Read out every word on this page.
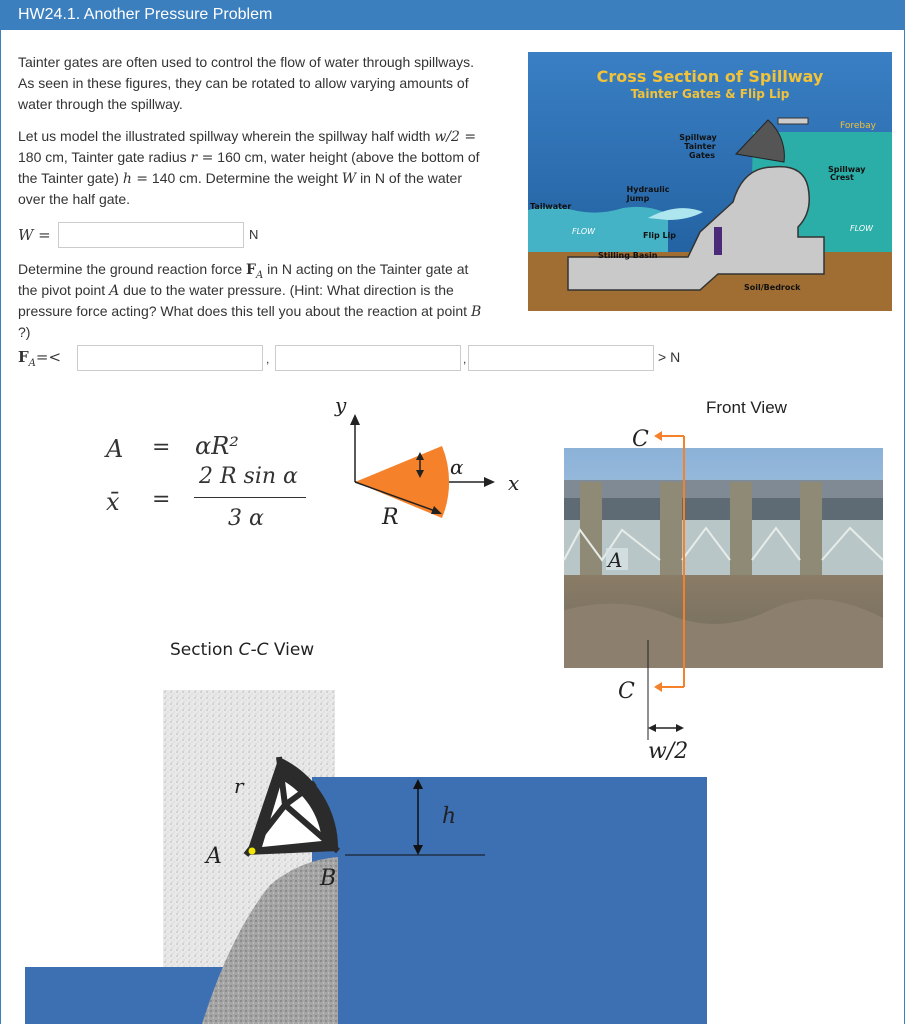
HW24.1. Another Pressure Problem
Tainter gates are often used to control the flow of water through spillways.
As seen in these figures, they can be rotated to allow varying amounts of
water through the spillway.
Let us model the illustrated spillway wherein the spillway half width w/2 =
180 cm, Tainter gate radius r = 160 cm, water height (above the bottom of
the Tainter gate) h = 140 cm. Determine the weight W in N of the water
over the half gate.
W =	N
Determine the ground reaction force $F_A$ in N acting on the Tainter gate at
the pivot point A due to the water pressure. (Hint: What direction is the
pressure force acting? What does this tell you about the reaction at point B
?)
$F_A=<$	,	,	> N
Cross Section of Spillway
Tainter Gates & Flip Lip
Forebay
Spillway
Tainter
Gates
Spillway
Crest
Hydraulic
Jump
Tailwater
FLOW	Flip Lip
Stilling Basin
FLOW
Soil/Bedrock
A = αR²
x̄ =
2 R sin α
3 α
y
x
α
R
Front View
C
A
C
w/2
Section C-C View
r
A
B
h
